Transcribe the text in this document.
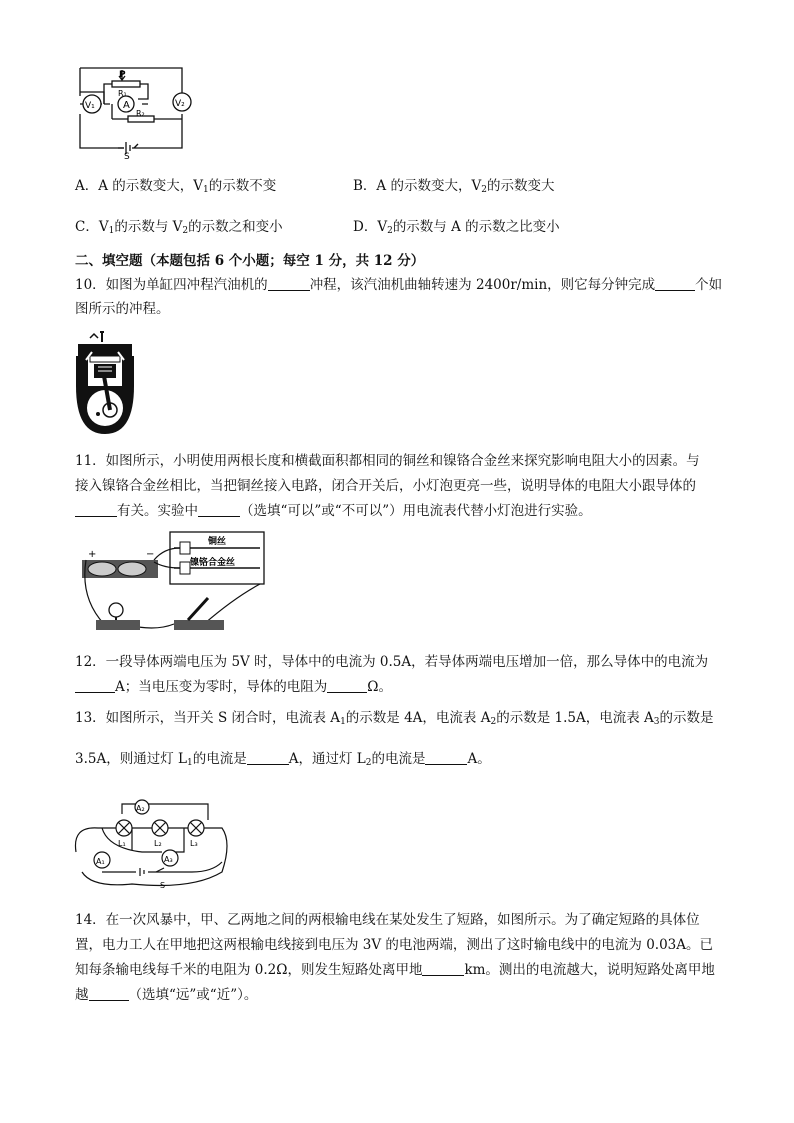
A
V₁	V₂
P
R₁
R₂
S
A．A 的示数变大，$V_1$的示数不变	B．A 的示数变大，$V_2$的示数变大
C．$V_1$的示数与 $V_2$的示数之和变小	D．$V_2$的示数与 A 的示数之比变小
二、填空题（本题包括 6 个小题；每空 1 分，共 12 分）
10．如图为单缸四冲程汽油机的	冲程，该汽油机曲轴转速为 2400r/min，则它每分钟完成	个如
图所示的冲程。
11．如图所示，小明使用两根长度和横截面积都相同的铜丝和镍铬合金丝来探究影响电阻大小的因素。与
接入镍铬合金丝相比，当把铜丝接入电路，闭合开关后，小灯泡更亮一些，说明导体的电阻大小跟导体的
有关。实验中	（选填“可以”或“不可以”）用电流表代替小灯泡进行实验。
铜丝
镍铬合金丝
+	−
12．一段导体两端电压为 5V 时，导体中的电流为 0.5A，若导体两端电压增加一倍，那么导体中的电流为
A；当电压变为零时，导体的电阻为	Ω。
13．如图所示，当开关 S 闭合时，电流表 $A_1$的示数是 4A，电流表 $A_2$的示数是 1.5A，电流表 $A_3$的示数是
3.5A，则通过灯 $L_1$的电流是	A，通过灯 $L_2$的电流是	A。
A₂
A₁	A₃
L₁	L₂	L₃
S
14．在一次风暴中，甲、乙两地之间的两根输电线在某处发生了短路，如图所示。为了确定短路的具体位
置，电力工人在甲地把这两根输电线接到电压为 3V 的电池两端，测出了这时输电线中的电流为 0.03A。已
知每条输电线每千米的电阻为 0.2Ω，则发生短路处离甲地	km。测出的电流越大，说明短路处离甲地
越	（选填“远”或“近”）。
